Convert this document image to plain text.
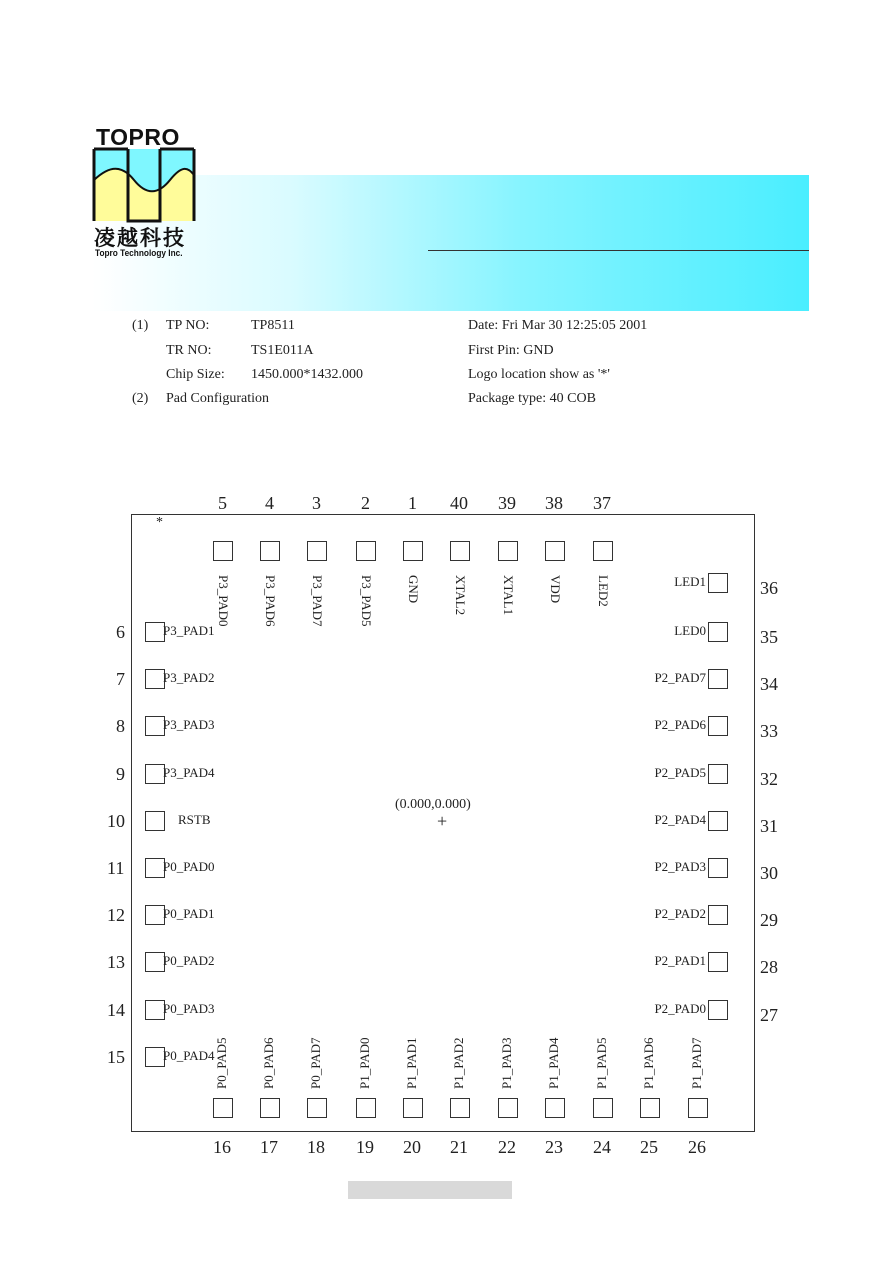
TOPRO
凌越科技
Topro Technology Inc.
(1) TP NO:	TP8511
TR NO:	TS1E011A
Chip Size: 1450.000*1432.000
(2) Pad Configuration
Date: Fri Mar 30 12:25:05 2001
First Pin: GND
Logo location show as '*'
Package type: 40 COB
*
(0.000,0.000)
+
5
P3_PAD0
4
P3_PAD6
3
P3_PAD7
2
P3_PAD5
1
GND
40
XTAL2
39
XTAL1
38
VDD
37
LED2
6	P3_PAD1
7	P3_PAD2
8	P3_PAD3
9	P3_PAD4
10	RSTB
11	P0_PAD0
12	P0_PAD1
13	P0_PAD2
14	P0_PAD3
15	P0_PAD4
LED1	36
LED0	35
P2_PAD7	34
P2_PAD6	33
P2_PAD5	32
P2_PAD4	31
P2_PAD3	30
P2_PAD2	29
P2_PAD1	28
P2_PAD0	27
P0_PAD5
16
P0_PAD6
17
P0_PAD7
18
P1_PAD0
19
P1_PAD1
20
P1_PAD2
21
P1_PAD3
22
P1_PAD4
23
P1_PAD5
24
P1_PAD6
25
P1_PAD7
26
